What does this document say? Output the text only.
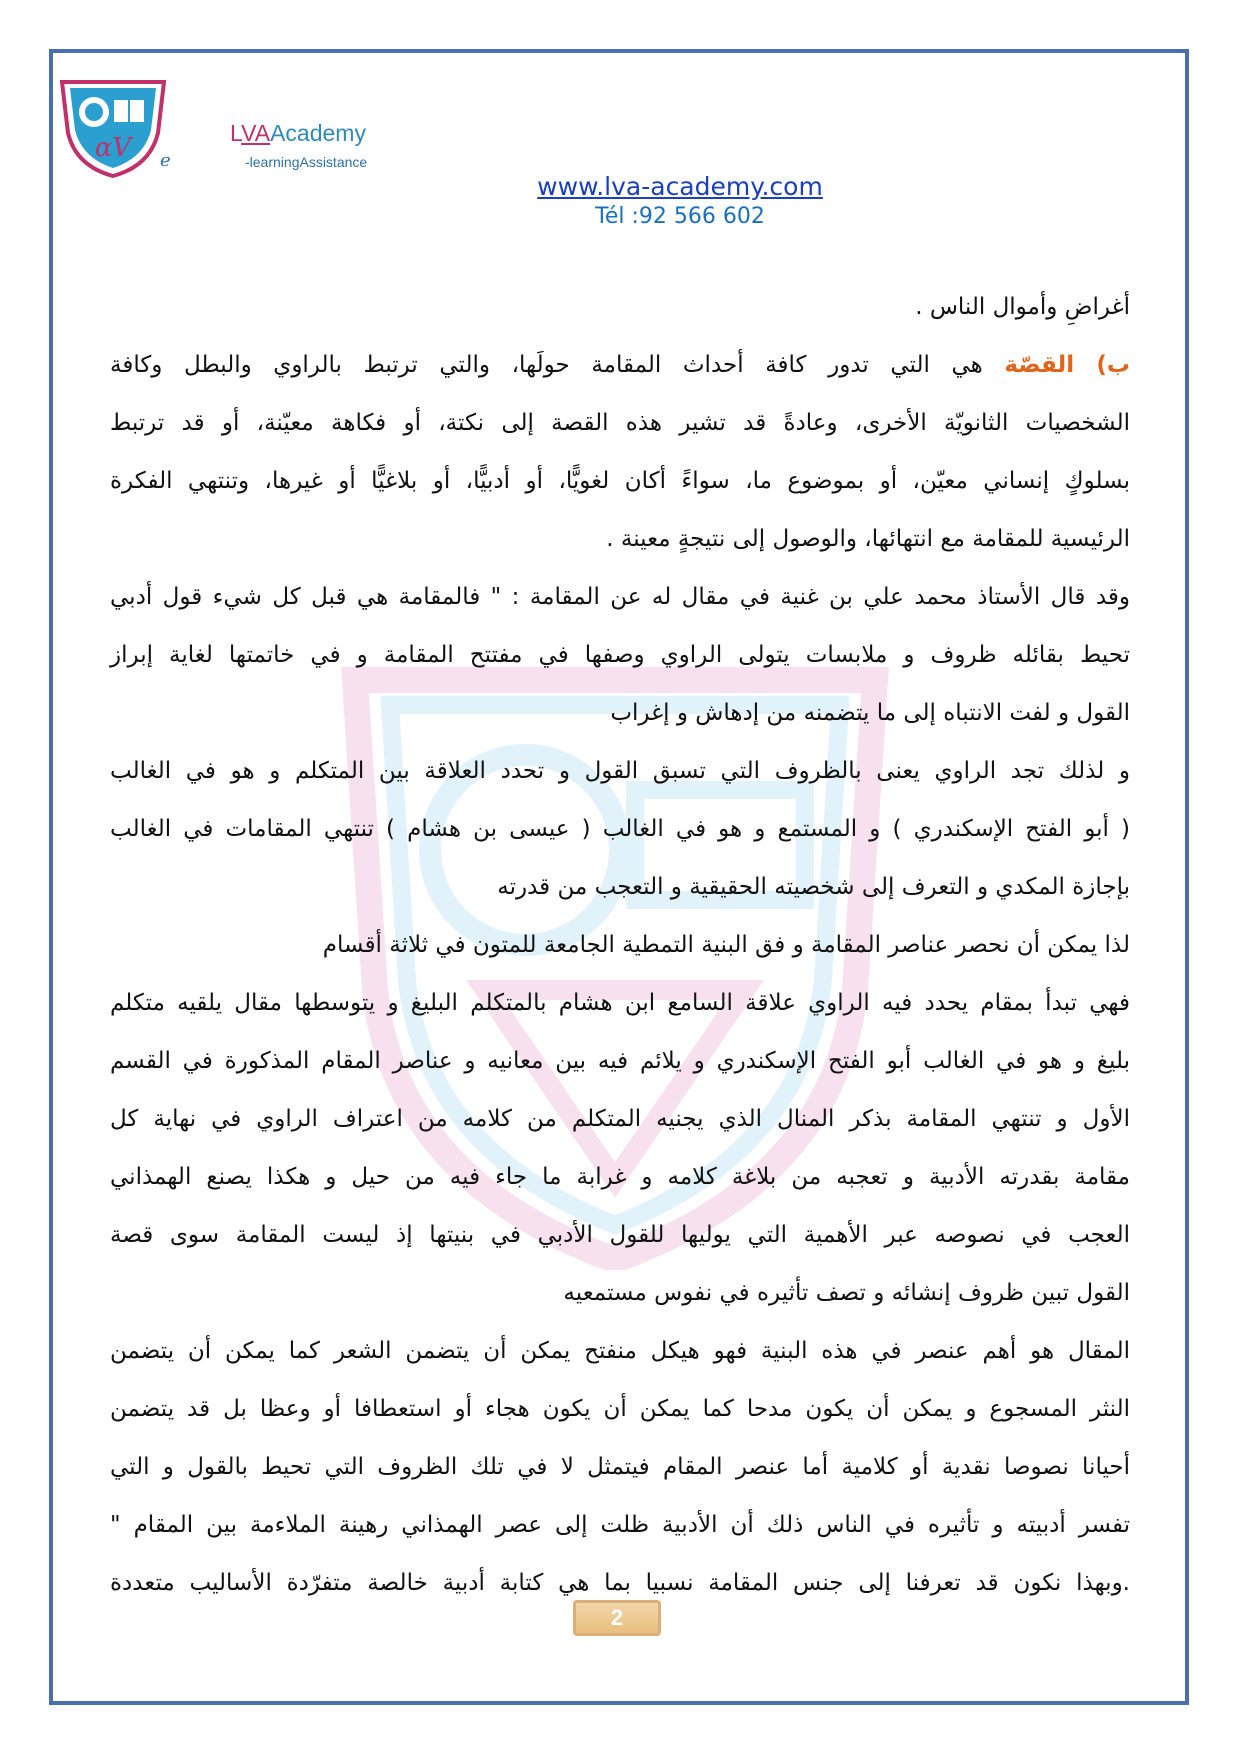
αV e
LVAAcademy
-learningAssistance
www.lva-academy.com
Tél :92 566 602
أغراضِ وأموال الناس .
ب) القصّة هي التي تدور كافة أحداث المقامة حولَها، والتي ترتبط بالراوي والبطل وكافة
الشخصيات الثانويّة الأخرى، وعادةً قد تشير هذه القصة إلى نكتة، أو فكاهة معيّنة، أو قد ترتبط
بسلوكٍ إنساني معيّن، أو بموضوع ما، سواءً أكان لغويًّا، أو أدبيًّا، أو بلاغيًّا أو غيرها، وتنتهي الفكرة
الرئيسية للمقامة مع انتهائها، والوصول إلى نتيجةٍ معينة .
وقد قال الأستاذ محمد علي بن غنية في مقال له عن المقامة : " فالمقامة هي قبل كل شيء قول أدبي
تحيط بقائله ظروف و ملابسات يتولى الراوي وصفها في مفتتح المقامة و في خاتمتها لغاية إبراز
القول و لفت الانتباه إلى ما يتضمنه من إدهاش و إغراب
و لذلك تجد الراوي يعنى بالظروف التي تسبق القول و تحدد العلاقة بين المتكلم و هو في الغالب
( أبو الفتح الإسكندري ) و المستمع و هو في الغالب ( عيسى بن هشام ) تنتهي المقامات في الغالب
بإجازة المكدي و التعرف إلى شخصيته الحقيقية و التعجب من قدرته
لذا يمكن أن نحصر عناصر المقامة و فق البنية التمطية الجامعة للمتون في ثلاثة أقسام
فهي تبدأ بمقام يحدد فيه الراوي علاقة السامع ابن هشام بالمتكلم البليغ و يتوسطها مقال يلقيه متكلم
بليغ و هو في الغالب أبو الفتح الإسكندري و يلائم فيه بين معانيه و عناصر المقام المذكورة في القسم
الأول و تنتهي المقامة بذكر المنال الذي يجنيه المتكلم من كلامه من اعتراف الراوي في نهاية كل
مقامة بقدرته الأدبية و تعجبه من بلاغة كلامه و غرابة ما جاء فيه من حيل و هكذا يصنع الهمذاني
العجب في نصوصه عبر الأهمية التي يوليها للقول الأدبي في بنيتها إذ ليست المقامة سوى قصة
القول تبين ظروف إنشائه و تصف تأثيره في نفوس مستمعيه
المقال هو أهم عنصر في هذه البنية فهو هيكل منفتح يمكن أن يتضمن الشعر كما يمكن أن يتضمن
النثر المسجوع و يمكن أن يكون مدحا كما يمكن أن يكون هجاء أو استعطافا أو وعظا بل قد يتضمن
أحيانا نصوصا نقدية أو كلامية أما عنصر المقام فيتمثل لا في تلك الظروف التي تحيط بالقول و التي
تفسر أدبيته و تأثيره في الناس ذلك أن الأدبية ظلت إلى عصر الهمذاني رهينة الملاءمة بين المقام "
.وبهذا نكون قد تعرفنا إلى جنس المقامة نسبيا بما هي كتابة أدبية خالصة متفرّدة الأساليب متعددة
2
